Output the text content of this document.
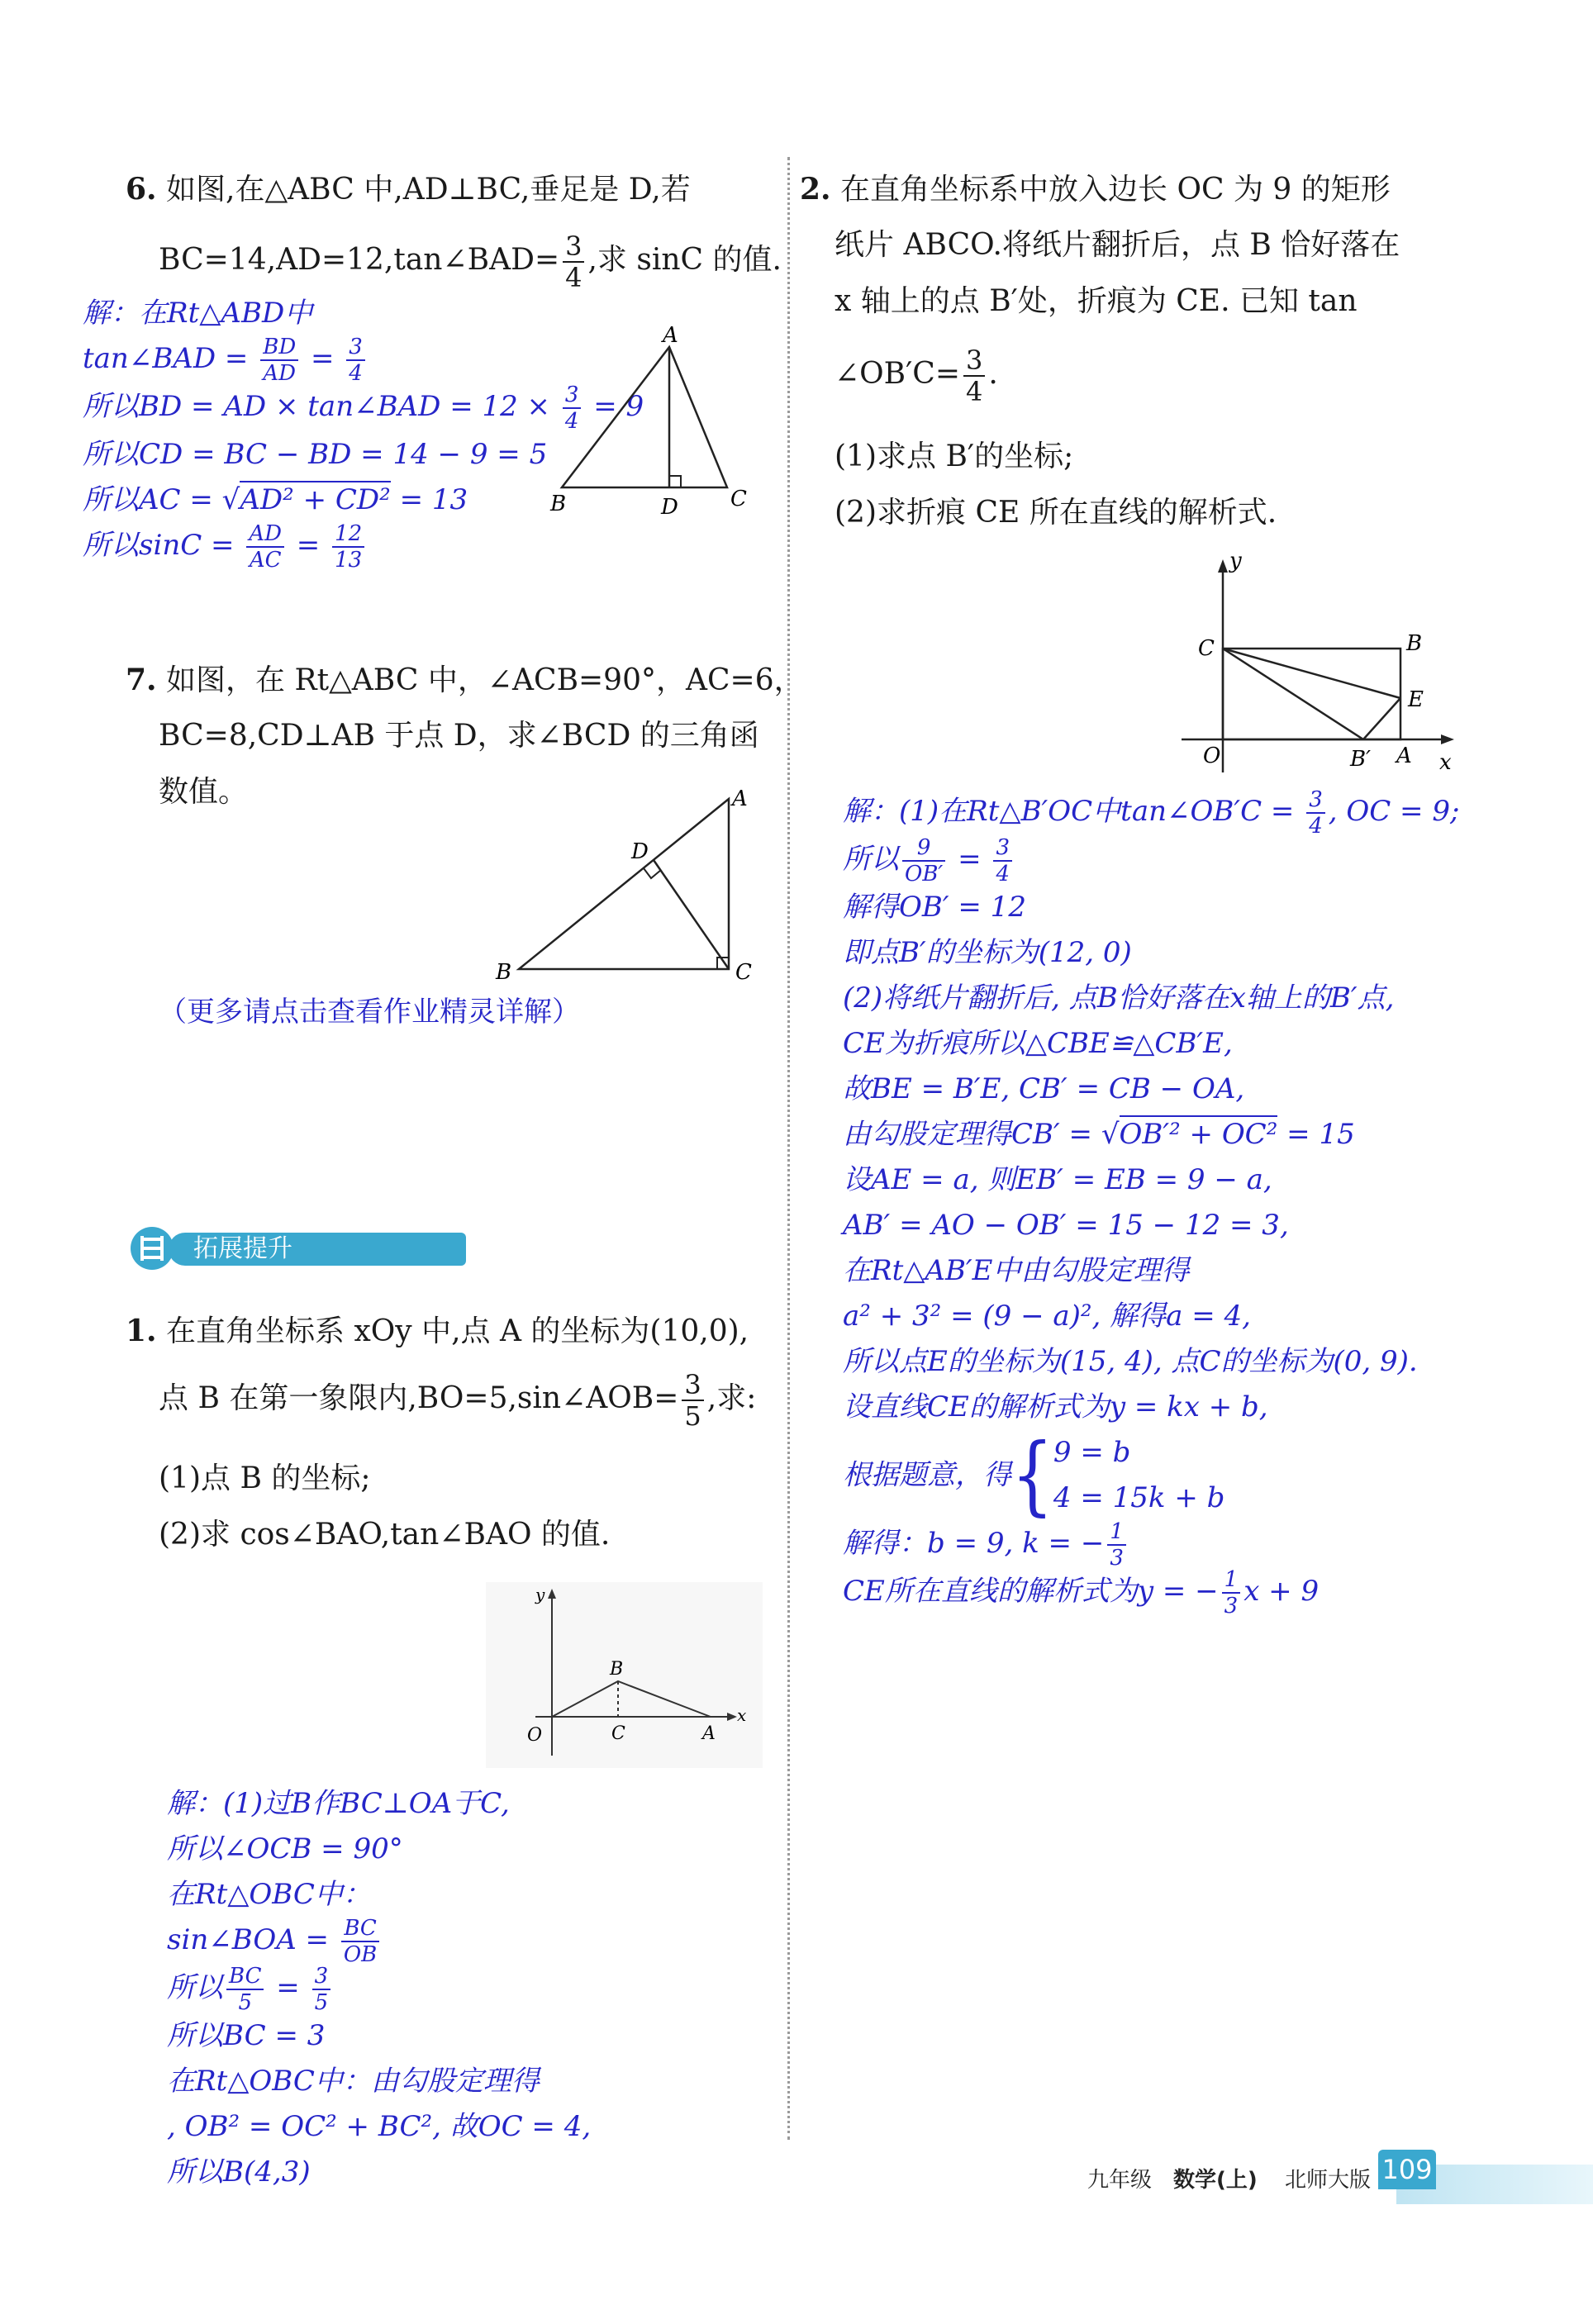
6. 如图,在△ABC 中,AD⊥BC,垂足是 D,若
BC=14,AD=12,tan∠BAD= $\frac{3}{4}$ ,求 sinC 的值.
解：在Rt△ABD中
tan∠BAD = $\frac{BD}{AD} = \frac{3}{4}$
所以BD = AD × tan∠BAD = $12 \times \frac{3}{4} = 9$
所以CD = BC − BD = 14 − 9 = 5
所以AC = √AD² + CD² = 13
所以$\sin C = \frac{AD}{AC} = \frac{12}{13}$
A
B	D C
7. 如图，在 Rt△ABC 中，∠ACB=90°，AC=6，
BC=8,CD⊥AB 于点 D，求∠BCD 的三角函
数值。	A
B	C
D
（更多请点击查看作业精灵详解）
拓展提升
1. 在直角坐标系 xOy 中,点 A 的坐标为(10,0),
点 B 在第一象限内,BO=5,sin∠AOB= $\frac{3}{5}$ ,求:
(1)点 B 的坐标;
(2)求 cos∠BAO,tan∠BAO 的值.
y
x
O
B
C	A
解：(1)过B作BC⊥OA于C,
所以∠OCB = 90°
在Rt△OBC中：
sin∠BOA = $\frac{BC}{OB}$
所以 $\frac{BC}{5} = \frac{3}{5}$
所以BC = 3
在Rt△OBC中：由勾股定理得
, OB² = OC² + BC², 故OC = 4,
所以B(4,3)
2. 在直角坐标系中放入边长 OC 为 9 的矩形
纸片 ABCO.将纸片翻折后，点 B 恰好落在
x 轴上的点 B′处，折痕为 CE. 已知 tan
∠OB′C= $\frac{3}{4}$ .
(1)求点 B′的坐标;
(2)求折痕 CE 所在直线的解析式.
y
x
O
C	B
E
B′ A
解：(1)在Rt△B′OC中tan∠OB′C = $\frac{3}{4}$ , OC = 9;
所以 $\frac{9}{OB'} = \frac{3}{4}$
解得OB′ = 12
即点B′的坐标为(12, 0)
(2)将纸片翻折后, 点B恰好落在x轴上的B′点,
CE为折痕所以△CBE≌△CB′E,
故BE = B′E, CB′ = CB − OA,
由勾股定理得CB′ = √OB′² + OC² = 15
设AE = a, 则EB′ = EB = 9 − a,
AB′ = AO − OB′ = 15 − 12 = 3,
在Rt△AB′E中由勾股定理得
a² + 3² = (9 − a)², 解得a = 4,
所以点E的坐标为(15, 4), 点C的坐标为(0, 9).
设直线CE的解析式为y = kx + b,
根据题意，得{ 9 = b
4 = 15k + b
解得：b = 9, k = − $\frac{1}{3}$
CE所在直线的解析式为y = − $\frac{1}{3}$ x + 9
九年级 数学(上) 北师大版 109
